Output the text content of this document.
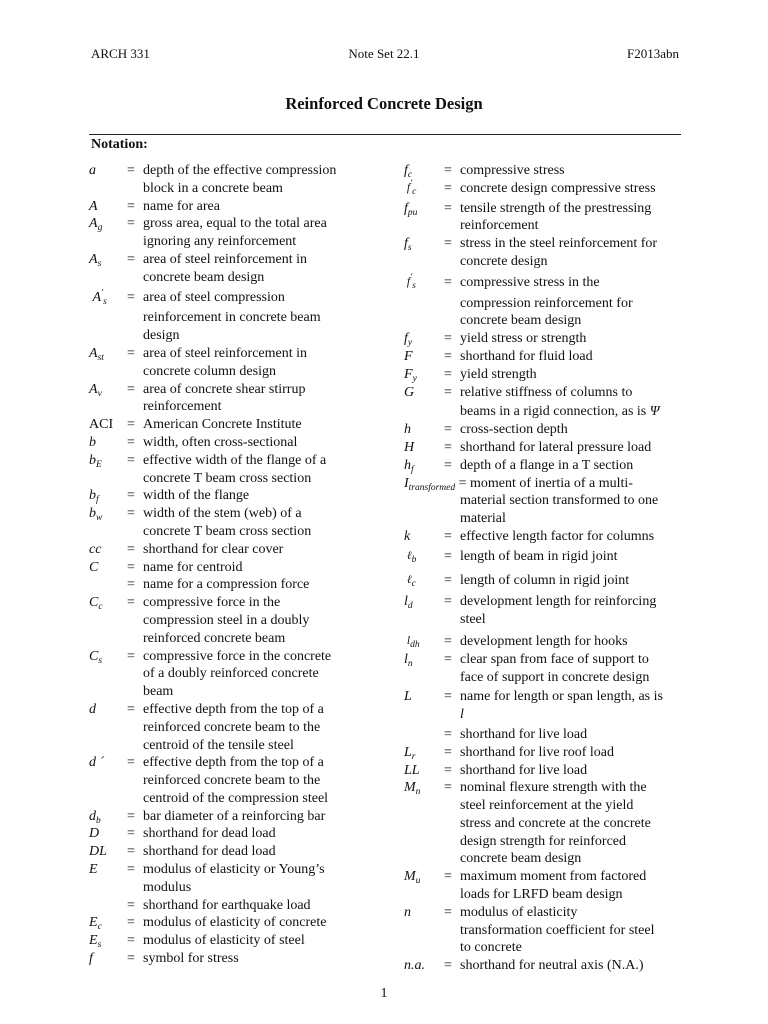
ARCH 331	Note Set 22.1	F2013abn
Reinforced Concrete Design
Notation:
a	= depth of the effective compression
block in a concrete beam
A	= name for area
$A_g$	= gross area, equal to the total area
ignoring any reinforcement
$A_s$	= area of steel reinforcement in
concrete beam design
$A'_s$	= area of steel compression
reinforcement in concrete beam
design
$A_{st}$	= area of steel reinforcement in
concrete column design
$A_v$	= area of concrete shear stirrup
reinforcement
ACI = American Concrete Institute
b	= width, often cross-sectional
$b_E$	= effective width of the flange of a
concrete T beam cross section
$b_f$	= width of the flange
$b_w$	= width of the stem (web) of a
concrete T beam cross section
cc	= shorthand for clear cover
C	= name for centroid
= name for a compression force
$C_c$	= compressive force in the
compression steel in a doubly
reinforced concrete beam
$C_s$	= compressive force in the concrete
of a doubly reinforced concrete
beam
d	= effective depth from the top of a
reinforced concrete beam to the
centroid of the tensile steel
d ´	= effective depth from the top of a
reinforced concrete beam to the
centroid of the compression steel
$d_b$	= bar diameter of a reinforcing bar
D	= shorthand for dead load
DL	= shorthand for dead load
E	= modulus of elasticity or Young’s
modulus
= shorthand for earthquake load
$E_c$	= modulus of elasticity of concrete
$E_s$	= modulus of elasticity of steel
f	= symbol for stress
$f_c$	= compressive stress
$f'_c$	= concrete design compressive stress
$f_{pu}$	= tensile strength of the prestressing
reinforcement
$f_s$	= stress in the steel reinforcement for
concrete design
$f'_s$	= compressive stress in the
compression reinforcement for
concrete beam design
$f_y$	= yield stress or strength
F	= shorthand for fluid load
$F_y$	= yield strength
G	= relative stiffness of columns to
beams in a rigid connection, as is Ψ
h	= cross-section depth
H	= shorthand for lateral pressure load
$h_f$	= depth of a flange in a T section
$I_{transformed}$ = moment of inertia of a multi-
material section transformed to one
material
k	= effective length factor for columns
ℓ$_b$	= length of beam in rigid joint
ℓ$_c$	= length of column in rigid joint
$l_d$	= development length for reinforcing
steel
$l_{dh}$	= development length for hooks
$l_n$	= clear span from face of support to
face of support in concrete design
L	= name for length or span length, as is
l
= shorthand for live load
$L_r$	= shorthand for live roof load
LL	= shorthand for live load
$M_n$	= nominal flexure strength with the
steel reinforcement at the yield
stress and concrete at the concrete
design strength for reinforced
concrete beam design
$M_u$	= maximum moment from factored
loads for LRFD beam design
n	= modulus of elasticity
transformation coefficient for steel
to concrete
n.a.	= shorthand for neutral axis (N.A.)
1
